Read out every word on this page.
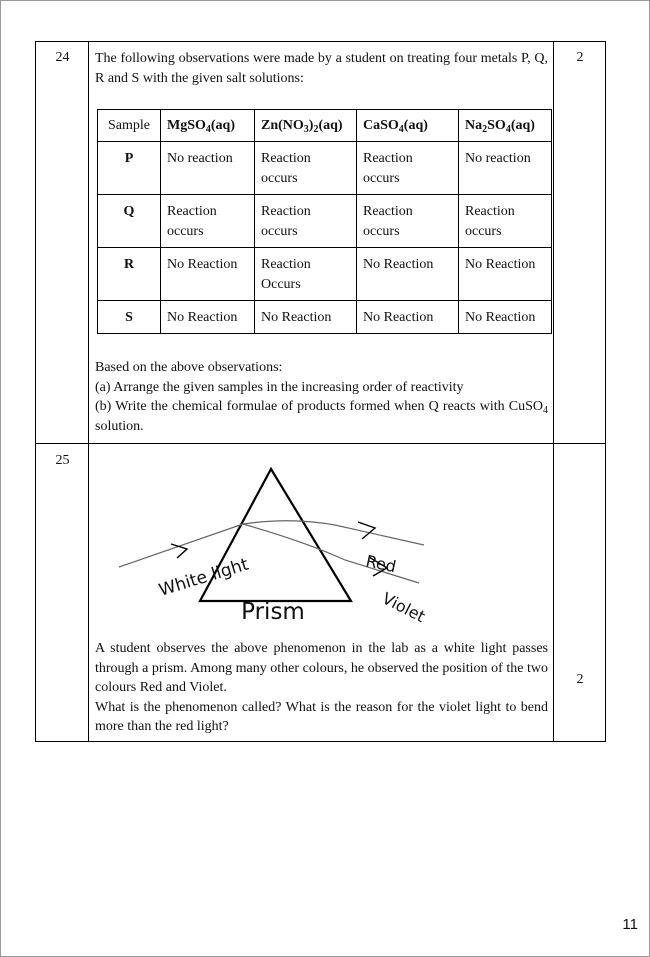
24	2

The following observations were made by a student on treating four metals P, Q, R and S with the given salt solutions:

Sample	MgSO$_4$(aq)	$Zn(NO_3)_2(aq)$	CaSO$_4$(aq)	$Na_2SO_4(aq)$
P	No reaction	Reaction occurs	Reaction occurs	No reaction
Q	Reaction occurs	Reaction occurs	Reaction occurs	Reaction occurs
R	No Reaction	Reaction Occurs	No Reaction	No Reaction
S	No Reaction	No Reaction	No Reaction	No Reaction

Based on the above observations:

(a) Arrange the given samples in the increasing order of reactivity

(b) Write the chemical formulae of products formed when Q reacts with CuSO$_4$ solution.

25
2
White light
Prism
Red
Violet

A student observes the above phenomenon in the lab as a white light passes through a prism. Among many other colours, he observed the position of the two colours Red and Violet.

What is the phenomenon called? What is the reason for the violet light to bend more than the red light?

11
